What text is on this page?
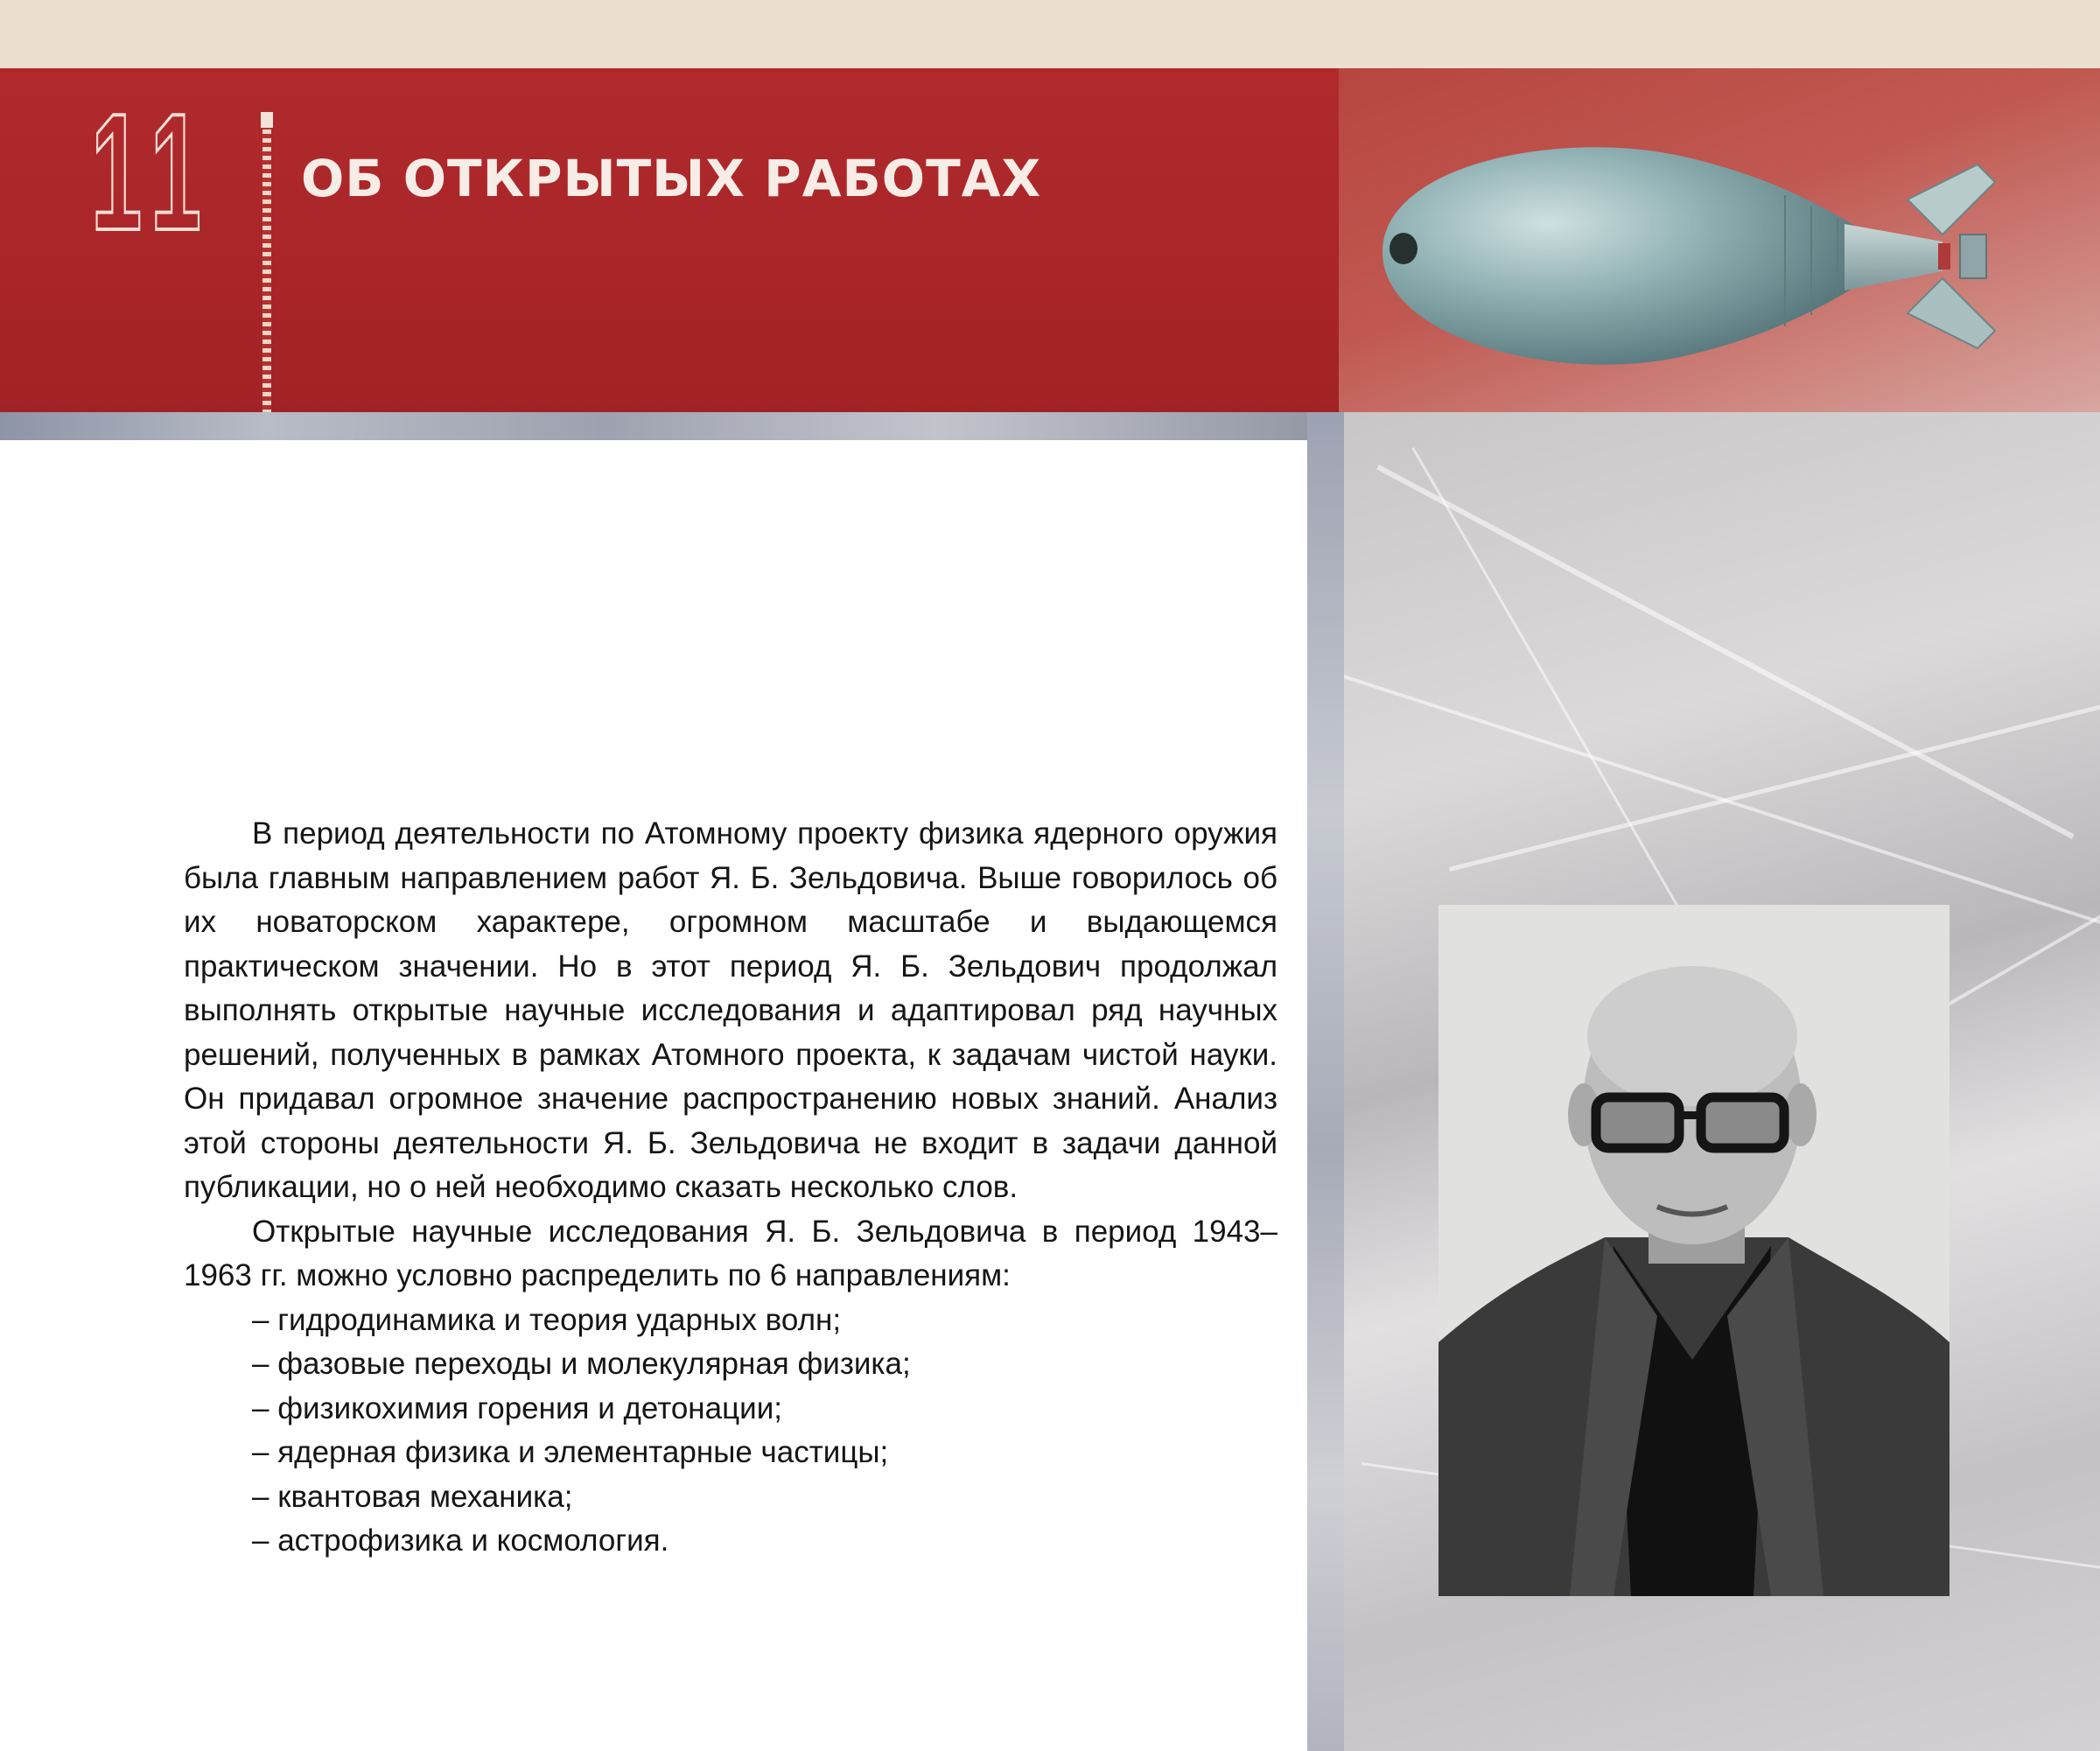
11 ОБ ОТКРЫТЫХ РАБОТАХ

В период деятельности по Атомному проекту физика ядерного оружия была главным направлением работ Я. Б. Зельдовича. Выше говорилось об их новаторском характере, огромном масштабе и выдающемся практическом значении. Но в этот период Я. Б. Зельдович продолжал выполнять открытые научные исследования и адаптировал ряд научных решений, полученных в рамках Атомного проекта, к задачам чистой науки. Он придавал огромное значение распространению новых знаний. Анализ этой стороны деятельности Я. Б. Зельдовича не входит в задачи данной публикации, но о ней необходимо сказать несколько слов.

Открытые научные исследования Я. Б. Зельдовича в период 1943–1963 гг. можно условно распределить по 6 направлениям:

– гидродинамика и теория ударных волн;
– фазовые переходы и молекулярная физика;
– физикохимия горения и детонации;
– ядерная физика и элементарные частицы;
– квантовая механика;
– астрофизика и космология.
